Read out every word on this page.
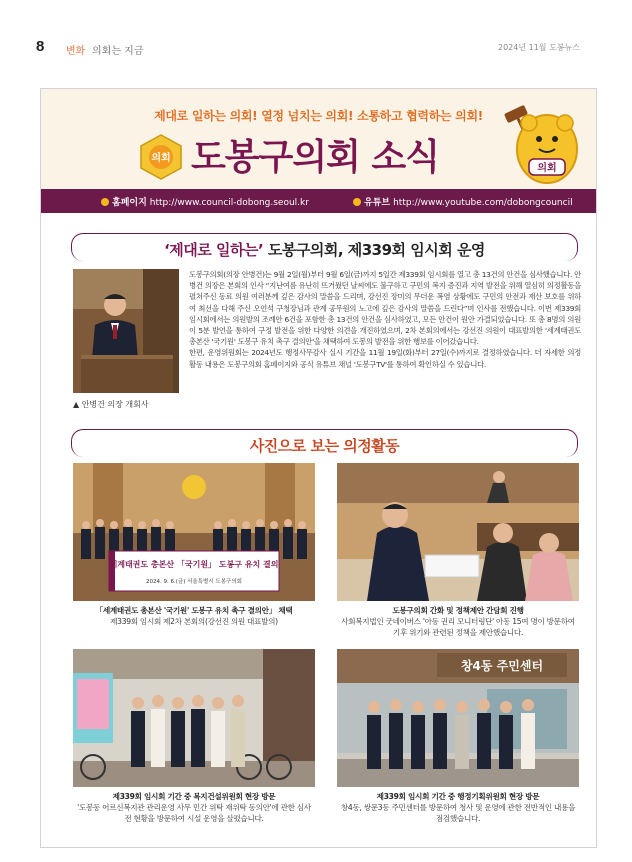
8 변화 의회는 지금	2024년 11월 도봉뉴스
제대로 일하는 의회! 열정 넘치는 의회! 소통하고 협력하는 의회!
의회 도봉구의회 소식	의회
홈페이지 http://www.council-dobong.seoul.kr	유튜브 http://www.youtube.com/dobongcouncil
‘제대로 일하는’ 도봉구의회, 제339회 임시회 운영
▲ 안병건 의장 개회사

도봉구의회(의장 안병건)는 9월 2일(월)부터 9월 6일(금)까지 5일간 제339회 임시회를 열고 총 13건의 안건을 심사했습니다. 안병건 의장은 본회의 인사 “지난여름 유난히 뜨거웠던 날씨에도 불구하고 구민의 복지 증진과 지역 발전을 위해 열심히 의정활동을 펼쳐주신 동료 의원 여러분께 깊은 감사의 말씀을 드리며, 강선진 장미의 무더운 폭염 상황에도 구민의 안전과 재산 보호를 위하여 최선을 다해 주신 오언석 구청장님과 관계 공무원의 노고에 깊은 감사의 말씀을 드린다”며 인사를 전했습니다. 이번 제339회 임시회에서는 의원발의 조례안 6건을 포함한 총 13건의 안건을 심사하였고, 모든 안건이 원안 가결되었습니다. 또 총 8명의 의원이 5분 발언을 통하여 구정 발전을 위한 다양한 의견을 개진하였으며, 2차 본회의에서는 강선진 의원이 대표발의한 '세계태권도 총본산 '국기원' 도봉구 유치 촉구 결의안'을 채택하여 도봉의 발전을 위한 행보를 이어갔습니다.

한편, 운영위원회는 2024년도 행정사무감사 실시 기간을 11월 19일(화)부터 27일(수)까지로 결정하였습니다. 더 자세한 의정 활동 내용은 도봉구의회 홈페이지와 공식 유튜브 채널 '도봉구TV'를 통하여 확인하실 수 있습니다.

사진으로 보는 의정활동
세계태권도 총본산 「국기원」 도봉구 유치 결의
2024. 9. 6.(금) 서울특별시 도봉구의회
「세계태권도 총본산 '국기원' 도봉구 유치 촉구 결의안」 채택
제339회 임시회 제2차 본회의(강선진 의원 대표발의)
도봉구의회 간화 및 정책제안 간담회 진행
사회복지법인 굿네이버스 '아동 권리 모니터링단' 아동 15여 명이 방문하여 기후 위기와 관련된 정책을 제안했습니다.
제339회 임시회 기간 중 복지건설위원회 현장 방문
'도봉동 어르신복지관 관리운영 사무 민간 위탁 재위탁 동의안'에 관한 심사 전 현황을 방문하여 시설 운영을 살폈습니다.
창4동 주민센터
제339회 임시회 기간 중 행정기획위원회 현장 방문
창4동, 쌍문3동 주민센터를 방문하여 청사 및 운영에 관한 전반적인 내용을 점검했습니다.
